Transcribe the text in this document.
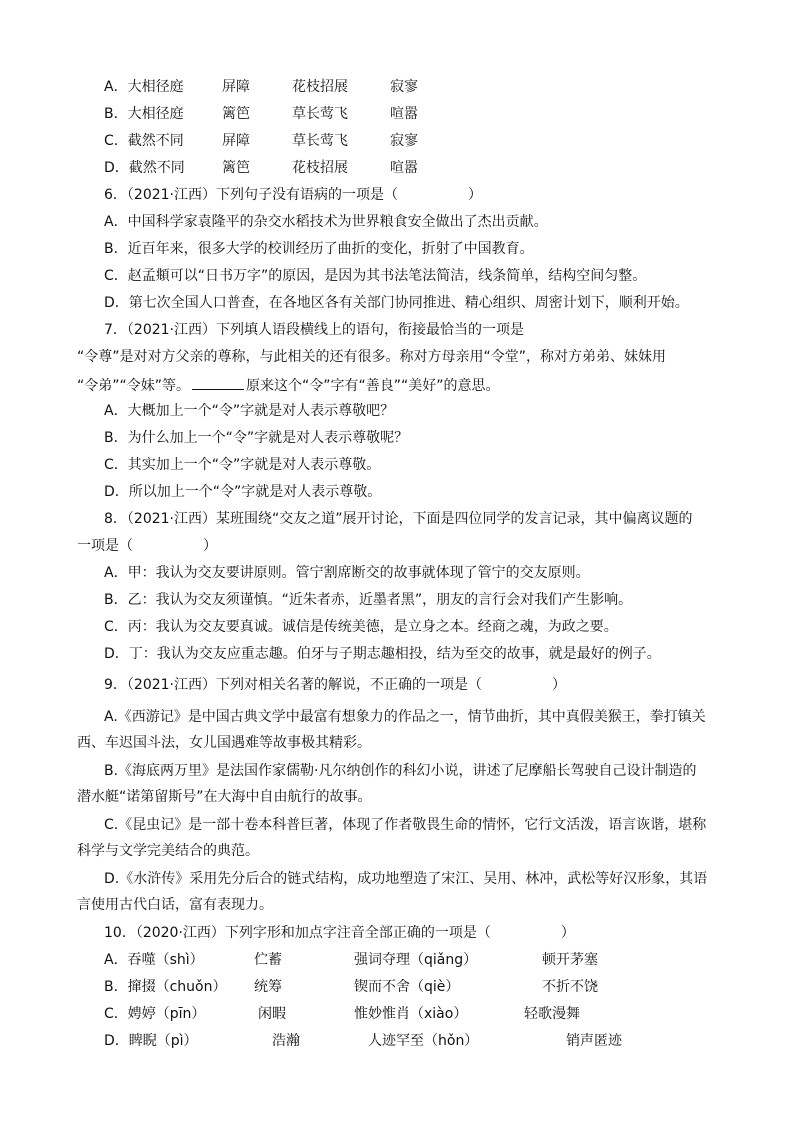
A．大相径庭	屏障	花枝招展	寂寥
B．大相径庭	篱笆	草长莺飞	喧嚣
C．截然不同	屏障	草长莺飞	寂寥
D．截然不同	篱笆	花枝招展	喧嚣
6．（2021·江西）下列句子没有语病的一项是（　　　　　）
A．中国科学家袁隆平的杂交水稻技术为世界粮食安全做出了杰出贡献。
B．近百年来，很多大学的校训经历了曲折的变化，折射了中国教育。
C．赵孟頫可以“日书万字”的原因，是因为其书法笔法简洁，线条简单，结构空间匀整。
D．第七次全国人口普查，在各地区各有关部门协同推进、精心组织、周密计划下，顺利开始。
7．（2021·江西）下列填人语段横线上的语句，衔接最恰当的一项是
“令尊”是对对方父亲的尊称，与此相关的还有很多。称对方母亲用“令堂”，称对方弟弟、妹妹用
“令弟”“令妹”等。	原来这个“令”字有“善良”“美好”的意思。
A．大概加上一个“令”字就是对人表示尊敬吧？
B．为什么加上一个“令”字就是对人表示尊敬呢？
C．其实加上一个“令”字就是对人表示尊敬。
D．所以加上一个“令”字就是对人表示尊敬。
8．（2021·江西）某班围绕“交友之道”展开讨论，下面是四位同学的发言记录，其中偏离议题的
一项是（　　　　　）
A．甲：我认为交友要讲原则。管宁割席断交的故事就体现了管宁的交友原则。
B．乙：我认为交友须谨慎。“近朱者赤，近墨者黑”，朋友的言行会对我们产生影响。
C．丙：我认为交友要真诚。诚信是传统美德，是立身之本。经商之魂，为政之要。
D．丁：我认为交友应重志趣。伯牙与子期志趣相投，结为至交的故事，就是最好的例子。
9．（2021·江西）下列对相关名著的解说，不正确的一项是（　　　　　）
A.《西游记》是中国古典文学中最富有想象力的作品之一，情节曲折，其中真假美猴王，拳打镇关
西、车迟国斗法，女儿国遇难等故事极其精彩。
B.《海底两万里》是法国作家儒勒·凡尔纳创作的科幻小说，讲述了尼摩船长驾驶自己设计制造的
潜水艇“诺第留斯号”在大海中自由航行的故事。
C.《昆虫记》是一部十卷本科普巨著，体现了作者敬畏生命的情怀，它行文活泼，语言诙谐，堪称
科学与文学完美结合的典范。
D.《水浒传》采用先分后合的链式结构，成功地塑造了宋江、吴用、林冲，武松等好汉形象，其语
言使用古代白话，富有表现力。
10．（2020·江西）下列字形和加点字注音全部正确的一项是（　　　　　）
A．吞噬（shì）	伫蓄	强词夺理（qiǎng）	顿开茅塞
B．撺掇（chuǒn） 统筹	锲而不舍（qiè）	不折不饶
C．娉婷（pīn）	闲暇	惟妙惟肖（xiào）	轻歌漫舞
D．睥睨（pì）	浩瀚	人迹罕至（hǒn）	销声匿迹
